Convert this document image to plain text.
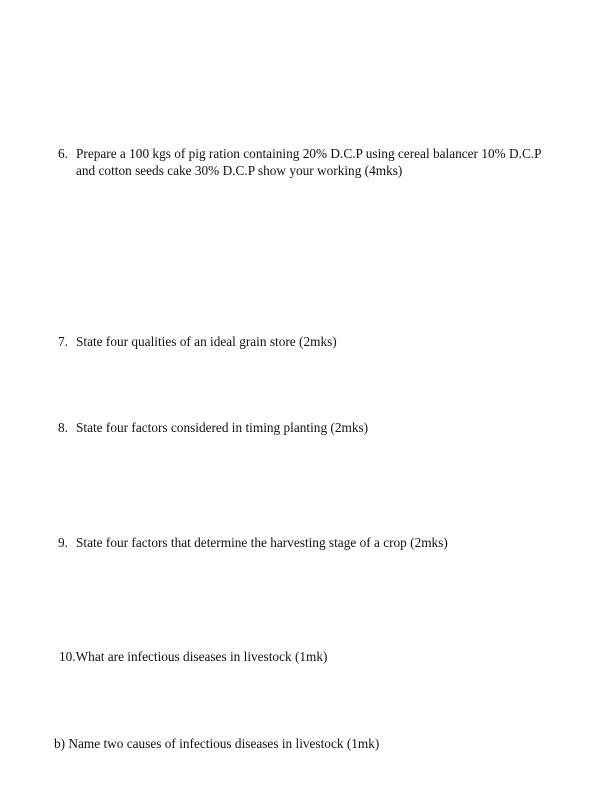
6. Prepare a 100 kgs of pig ration containing 20% D.C.P using cereal balancer 10% D.C.P
and cotton seeds cake 30% D.C.P show your working (4mks)
7. State four qualities of an ideal grain store (2mks)
8. State four factors considered in timing planting (2mks)
9. State four factors that determine the harvesting stage of a crop (2mks)
10.What are infectious diseases in livestock (1mk)
b) Name two causes of infectious diseases in livestock (1mk)
